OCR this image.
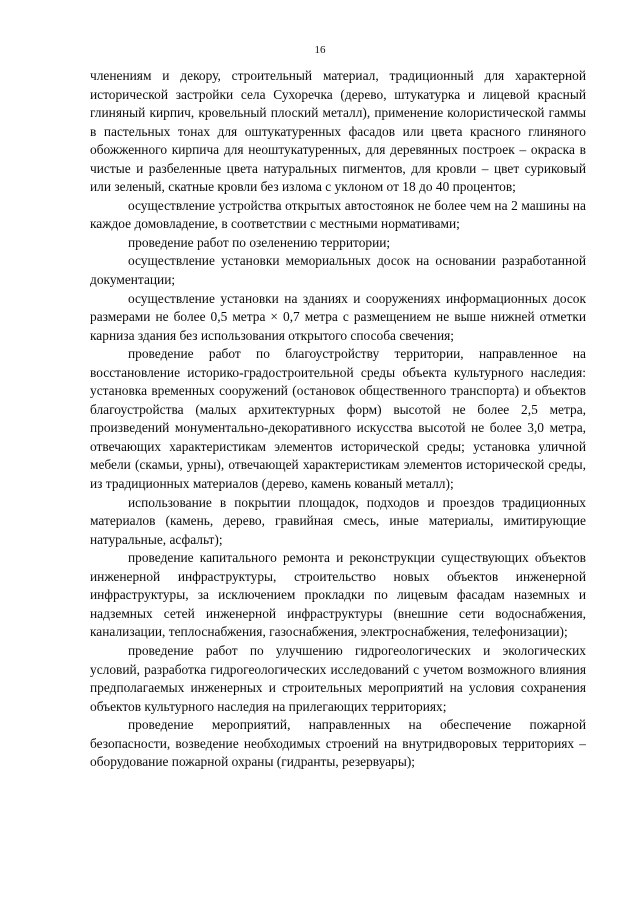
16

членениям и декору, строительный материал, традиционный для характерной исторической застройки села Сухоречка (дерево, штукатурка и лицевой красный глиняный кирпич, кровельный плоский металл), применение колористической гаммы в пастельных тонах для оштукатуренных фасадов или цвета красного глиняного обожженного кирпича для неоштукатуренных, для деревянных построек – окраска в чистые и разбеленные цвета натуральных пигментов, для кровли – цвет суриковый или зеленый, скатные кровли без излома с уклоном от 18 до 40 процентов;

осуществление устройства открытых автостоянок не более чем на 2 машины на каждое домовладение, в соответствии с местными нормативами;

проведение работ по озеленению территории;

осуществление установки мемориальных досок на основании разработанной документации;

осуществление установки на зданиях и сооружениях информационных досок размерами не более 0,5 метра × 0,7 метра с размещением не выше нижней отметки карниза здания без использования открытого способа свечения;

проведение работ по благоустройству территории, направленное на восстановление историко-градостроительной среды объекта культурного наследия: установка временных сооружений (остановок общественного транспорта) и объектов благоустройства (малых архитектурных форм) высотой не более 2,5 метра, произведений монументально-декоративного искусства высотой не более 3,0 метра, отвечающих характеристикам элементов исторической среды; установка уличной мебели (скамьи, урны), отвечающей характеристикам элементов исторической среды, из традиционных материалов (дерево, камень кованый металл);

использование в покрытии площадок, подходов и проездов традиционных материалов (камень, дерево, гравийная смесь, иные материалы, имитирующие натуральные, асфальт);

проведение капитального ремонта и реконструкции существующих объектов инженерной инфраструктуры, строительство новых объектов инженерной инфраструктуры, за исключением прокладки по лицевым фасадам наземных и надземных сетей инженерной инфраструктуры (внешние сети водоснабжения, канализации, теплоснабжения, газоснабжения, электроснабжения, телефонизации);

проведение работ по улучшению гидрогеологических и экологических условий, разработка гидрогеологических исследований с учетом возможного влияния предполагаемых инженерных и строительных мероприятий на условия сохранения объектов культурного наследия на прилегающих территориях;

проведение мероприятий, направленных на обеспечение пожарной безопасности, возведение необходимых строений на внутридворовых территориях – оборудование пожарной охраны (гидранты, резервуары);
